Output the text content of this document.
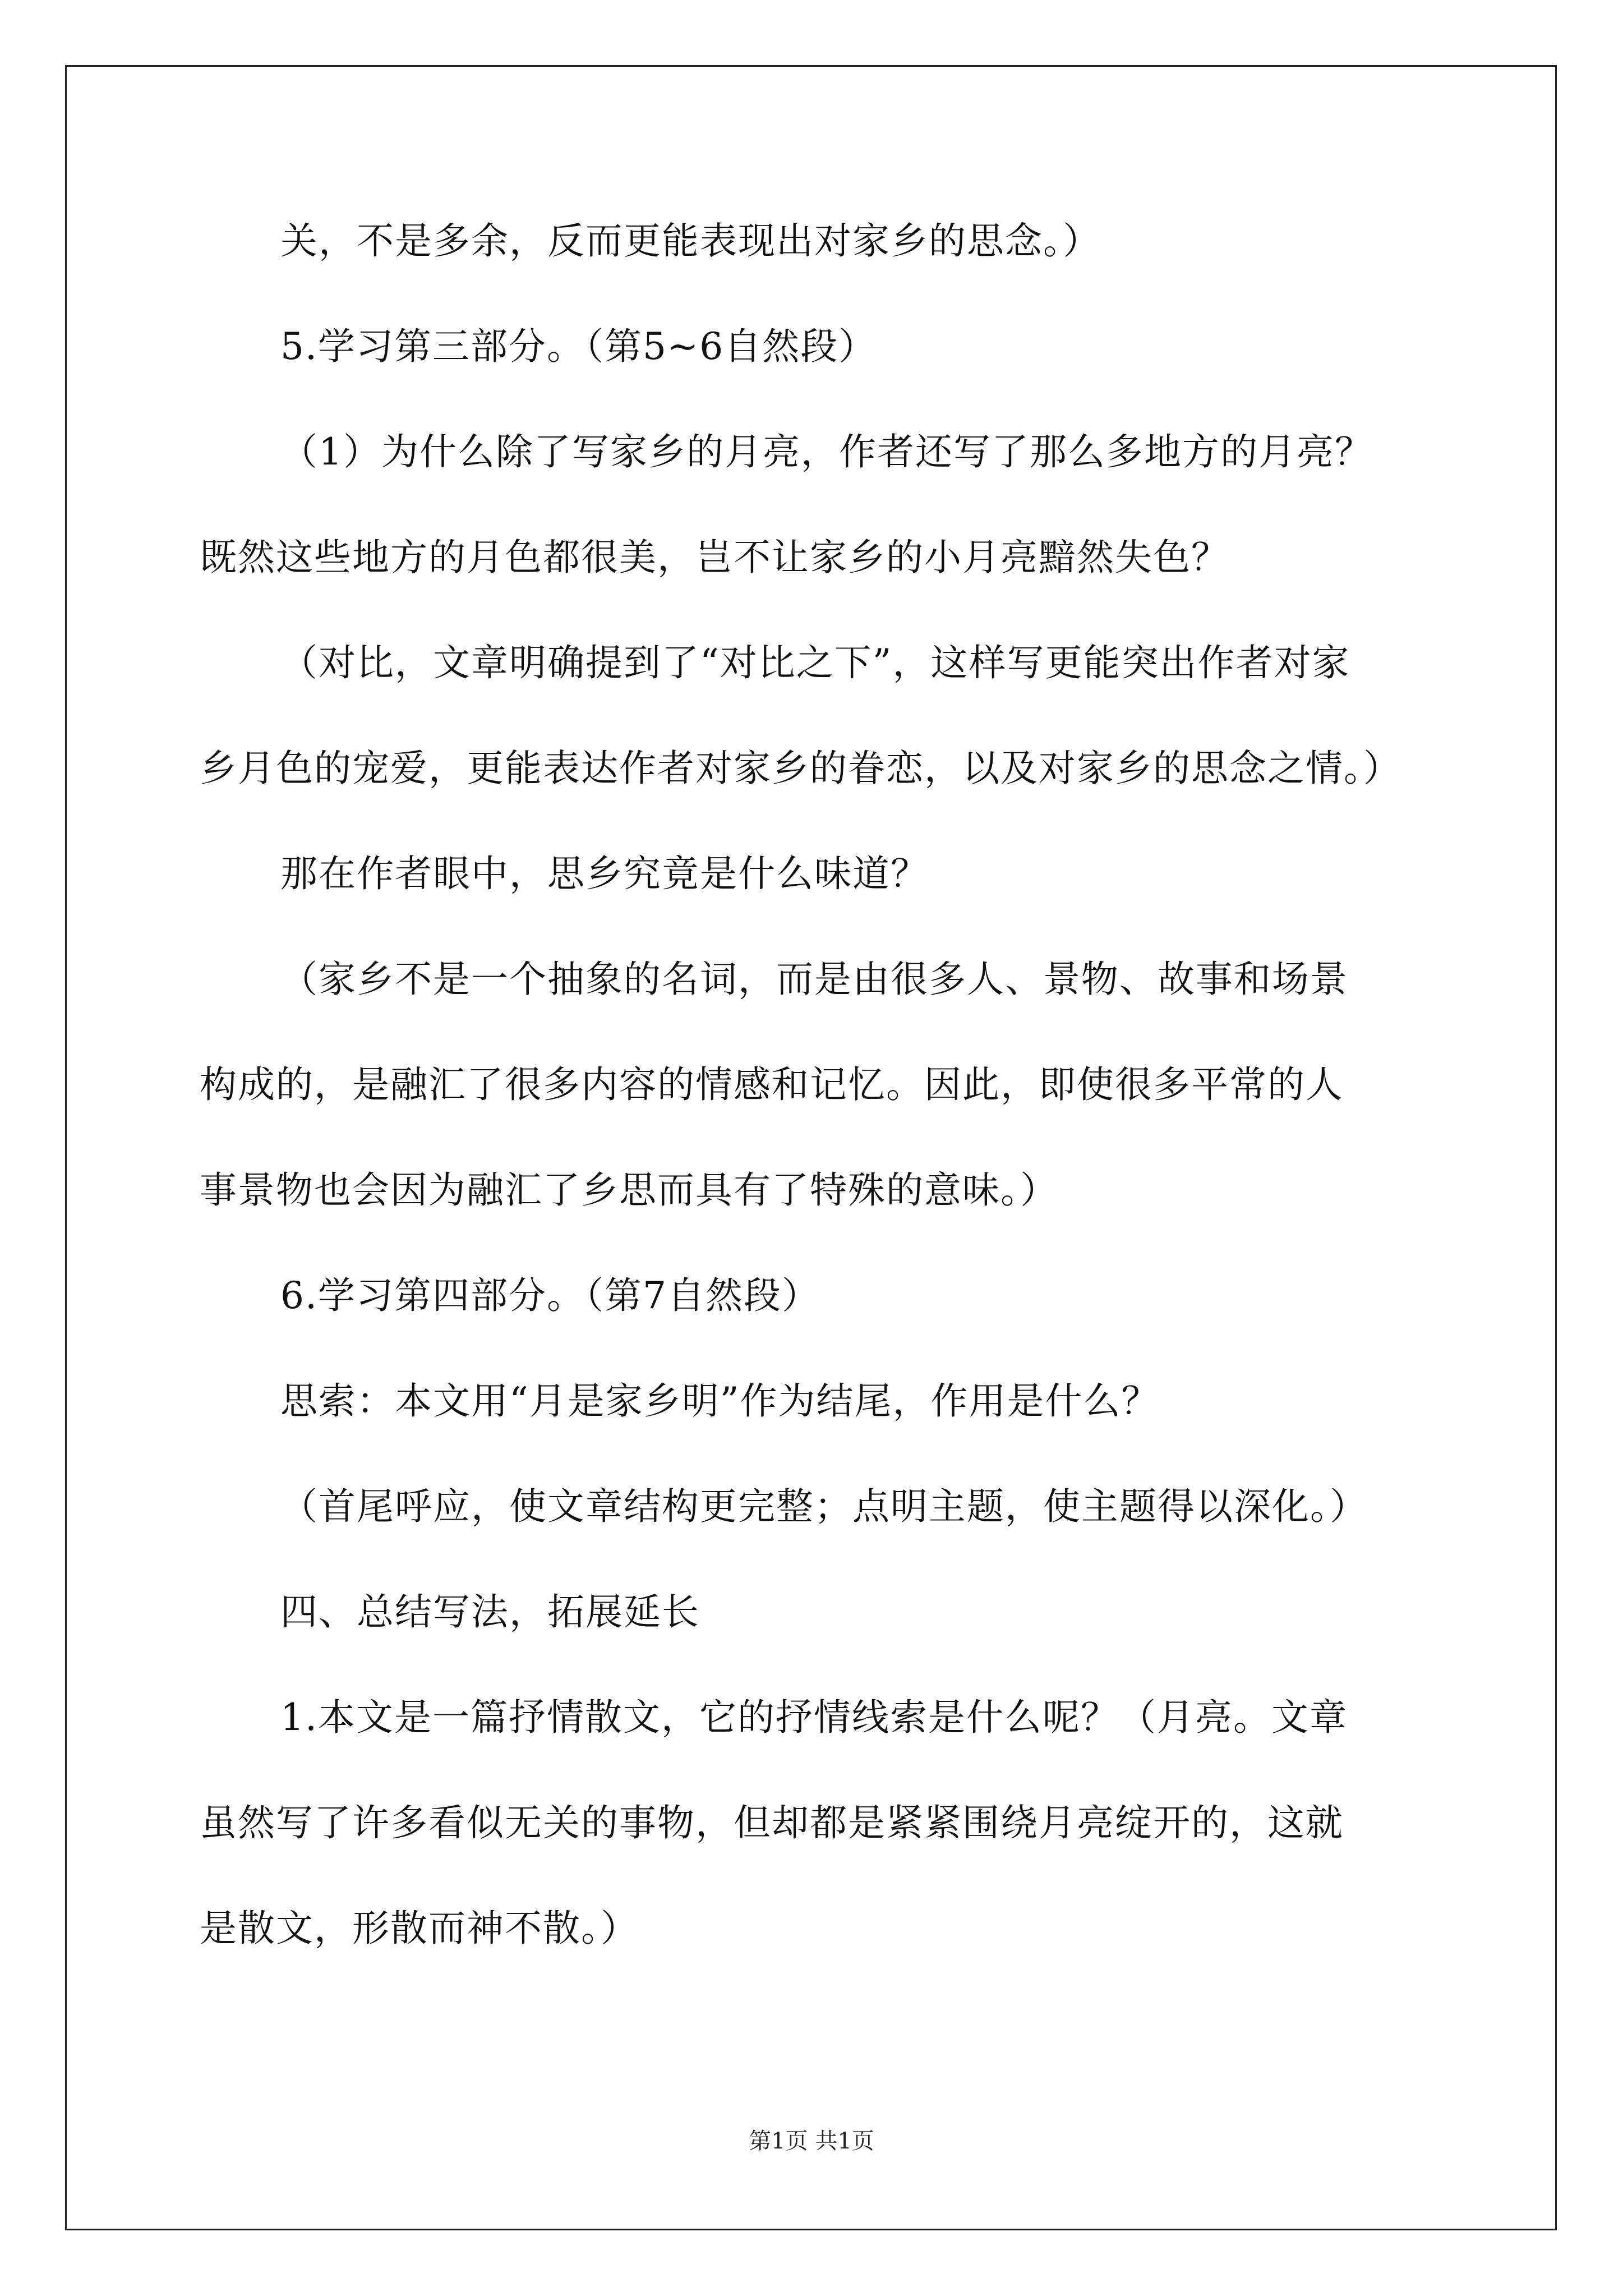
关，不是多余，反而更能表现出对家乡的思念。）
5.学习第三部分。（第5~6自然段）
（1）为什么除了写家乡的月亮，作者还写了那么多地方的月亮？
既然这些地方的月色都很美，岂不让家乡的小月亮黯然失色？
（对比，文章明确提到了“对比之下”，这样写更能突出作者对家
乡月色的宠爱，更能表达作者对家乡的眷恋，以及对家乡的思念之情。）
那在作者眼中，思乡究竟是什么味道？
（家乡不是一个抽象的名词，而是由很多人、景物、故事和场景
构成的，是融汇了很多内容的情感和记忆。因此，即使很多平常的人
事景物也会因为融汇了乡思而具有了特殊的意味。）
6.学习第四部分。（第7自然段）
思索：本文用“月是家乡明”作为结尾，作用是什么？
（首尾呼应，使文章结构更完整；点明主题，使主题得以深化。）
四、总结写法，拓展延长
1.本文是一篇抒情散文，它的抒情线索是什么呢？（月亮。文章
虽然写了许多看似无关的事物，但却都是紧紧围绕月亮绽开的，这就
是散文，形散而神不散。）
第1页 共1页
